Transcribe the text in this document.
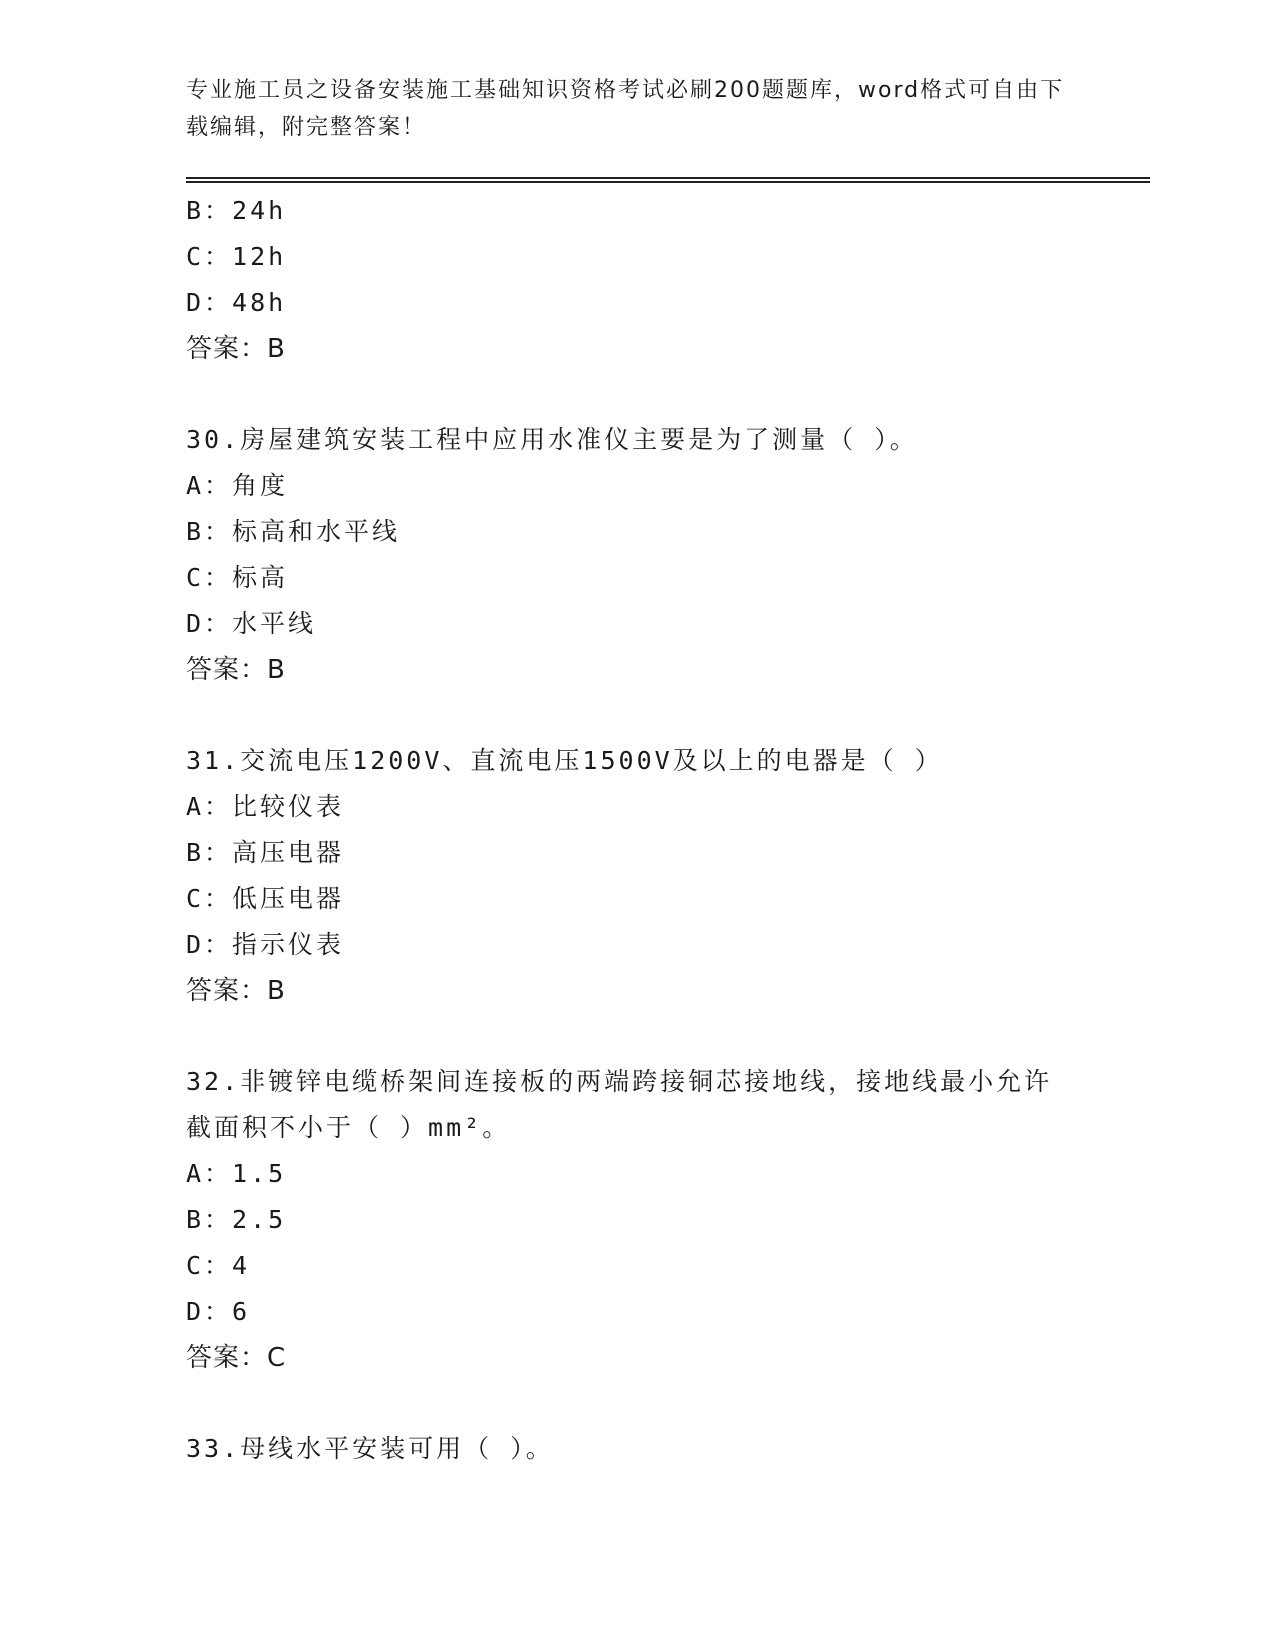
专业施工员之设备安装施工基础知识资格考试必刷200题题库，word格式可自由下载编辑，附完整答案！
B：24h
C：12h
D：48h
答案：B
30.房屋建筑安装工程中应用水准仪主要是为了测量（ ）。
A：角度
B：标高和水平线
C：标高
D：水平线
答案：B
31.交流电压1200V、直流电压1500V及以上的电器是（ ）
A：比较仪表
B：高压电器
C：低压电器
D：指示仪表
答案：B
32.非镀锌电缆桥架间连接板的两端跨接铜芯接地线，接地线最小允许截面积不小于（ ）mm²。
A：1.5
B：2.5
C：4
D：6
答案：C
33.母线水平安装可用（ ）。
